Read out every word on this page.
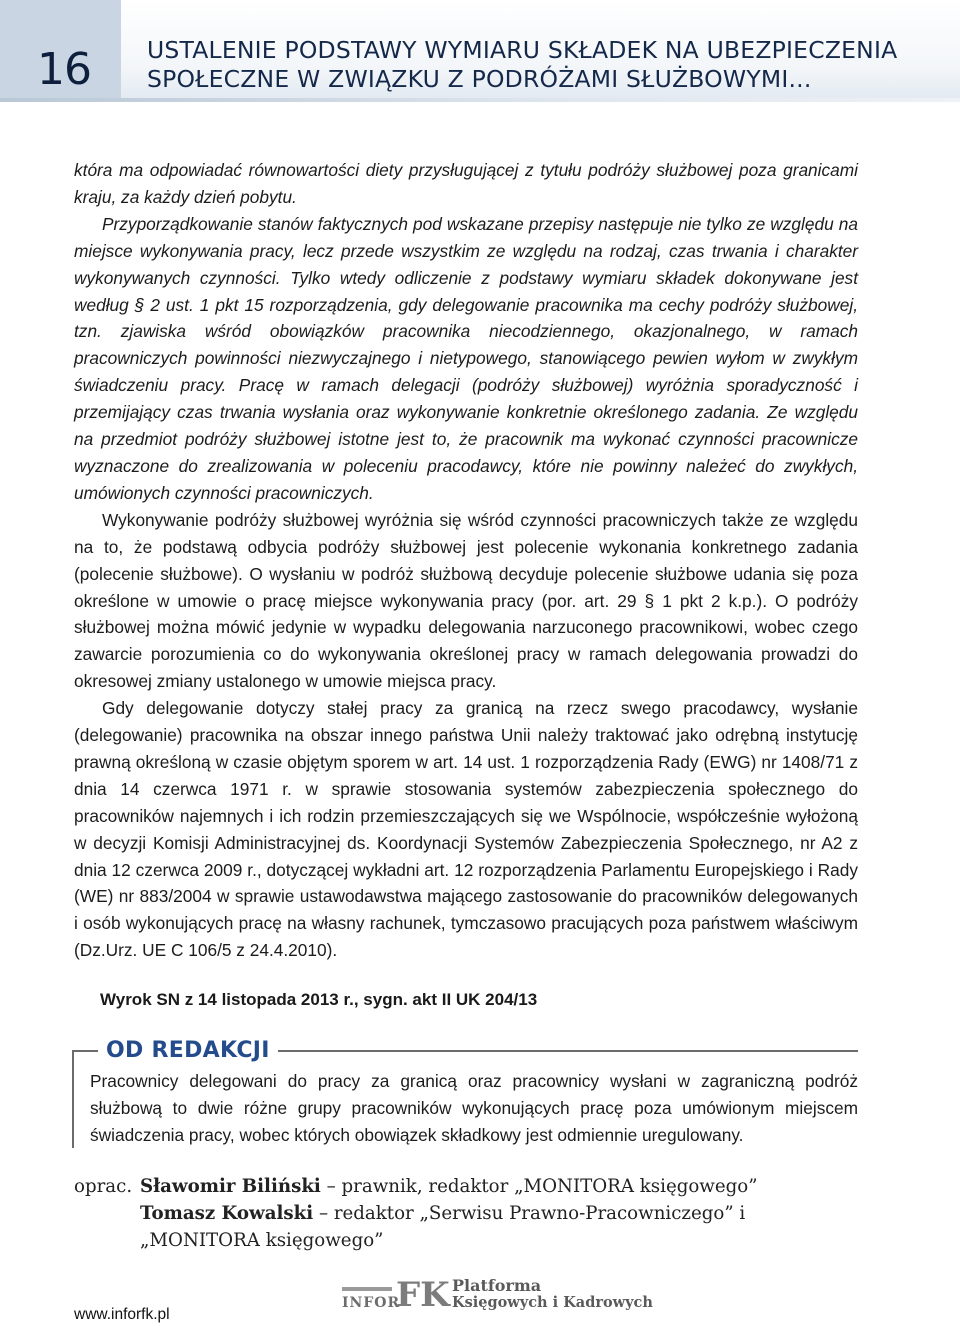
16 USTALENIE PODSTAWY WYMIARU SKŁADEK NA UBEZPIECZENIA
SPOŁECZNE W ZWIĄZKU Z PODRÓŻAMI SŁUŻBOWYMI...

która ma odpowiadać równowartości diety przysługującej z tytułu podróży służbowej poza granicami kraju, za każdy dzień pobytu.

Przyporządkowanie stanów faktycznych pod wskazane przepisy następuje nie tylko ze względu na miejsce wykonywania pracy, lecz przede wszystkim ze względu na rodzaj, czas trwania i charakter wykonywanych czynności. Tylko wtedy odliczenie z podstawy wymiaru składek dokonywane jest według § 2 ust. 1 pkt 15 rozporządzenia, gdy delegowanie pracownika ma cechy podróży służbowej, tzn. zjawiska wśród obowiązków pracownika niecodziennego, okazjonalnego, w ramach pracowniczych powinności niezwyczajnego i nietypowego, stanowiącego pewien wyłom w zwykłym świadczeniu pracy. Pracę w ramach delegacji (podróży służbowej) wyróżnia sporadyczność i przemijający czas trwania wysłania oraz wykonywanie konkretnie określonego zadania. Ze względu na przedmiot podróży służbowej istotne jest to, że pracownik ma wykonać czynności pracownicze wyznaczone do zrealizowania w poleceniu pracodawcy, które nie powinny należeć do zwykłych, umówionych czynności pracowniczych.

Wykonywanie podróży służbowej wyróżnia się wśród czynności pracowniczych także ze względu na to, że podstawą odbycia podróży służbowej jest polecenie wykonania konkretnego zadania (polecenie służbowe). O wysłaniu w podróż służbową decyduje polecenie służbowe udania się poza określone w umowie o pracę miejsce wykonywania pracy (por. art. 29 § 1 pkt 2 k.p.). O podróży służbowej można mówić jedynie w wypadku delegowania narzuconego pracownikowi, wobec czego zawarcie porozumienia co do wykonywania określonej pracy w ramach delegowania prowadzi do okresowej zmiany ustalonego w umowie miejsca pracy.

Gdy delegowanie dotyczy stałej pracy za granicą na rzecz swego pracodawcy, wysłanie (delegowanie) pracownika na obszar innego państwa Unii należy traktować jako odrębną instytucję prawną określoną w czasie objętym sporem w art. 14 ust. 1 rozporządzenia Rady (EWG) nr 1408/71 z dnia 14 czerwca 1971 r. w sprawie stosowania systemów zabezpieczenia społecznego do pracowników najemnych i ich rodzin przemieszczających się we Wspólnocie, współcześnie wyłożoną w decyzji Komisji Administracyjnej ds. Koordynacji Systemów Zabezpieczenia Społecznego, nr A2 z dnia 12 czerwca 2009 r., dotyczącej wykładni art. 12 rozporządzenia Parlamentu Europejskiego i Rady (WE) nr 883/2004 w sprawie ustawodawstwa mającego zastosowanie do pracowników delegowanych i osób wykonujących pracę na własny rachunek, tymczasowo pracujących poza państwem właściwym (Dz.Urz. UE C 106/5 z 24.4.2010).

Wyrok SN z 14 listopada 2013 r., sygn. akt II UK 204/13

OD REDAKCJI

Pracownicy delegowani do pracy za granicą oraz pracownicy wysłani w zagraniczną podróż służbową to dwie różne grupy pracowników wykonujących pracę poza umówionym miejscem świadczenia pracy, wobec których obowiązek składkowy jest odmiennie uregulowany.

oprac. Sławomir Biliński – prawnik, redaktor „MONITORA księgowego”
Tomasz Kowalski – redaktor „Serwisu Prawno-Pracowniczego” i „MONITORA księgowego”
INFOR
FK Platforma
Księgowych i Kadrowych
www.inforfk.pl
